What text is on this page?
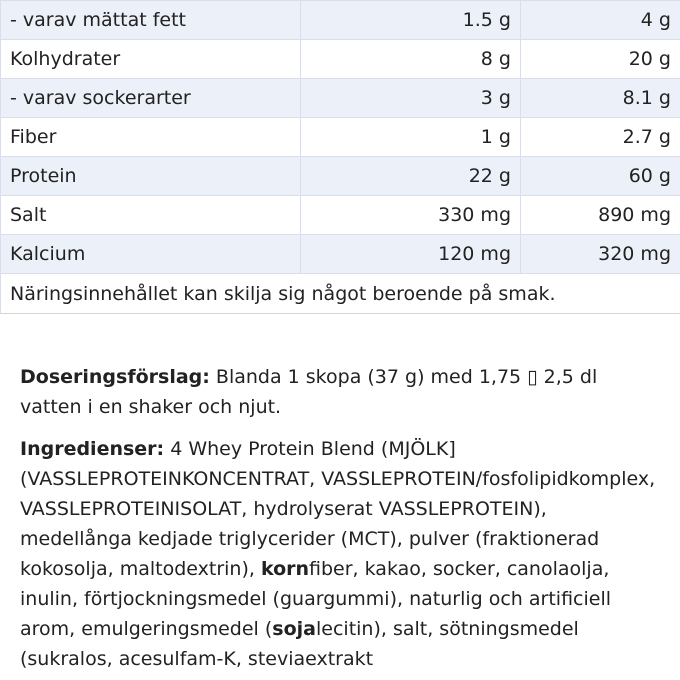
- varav mättat fett	1.5 g	4 g
Kolhydrater	8 g	20 g
- varav sockerarter	3 g	8.1 g
Fiber	1 g	2.7 g
Protein	22 g	60 g
Salt	330 mg	890 mg
Kalcium	120 mg	320 mg
Näringsinnehållet kan skilja sig något beroende på smak.		

Doseringsförslag: Blanda 1 skopa (37 g) med 1,75 ▯ 2,5 dl vatten i en shaker och njut.

Ingredienser: 4 Whey Protein Blend (MJÖLK] (VASSLEPROTEINKONCENTRAT, VASSLEPROTEIN/fosfolipidkomplex, VASSLEPROTEINISOLAT, hydrolyserat VASSLEPROTEIN), medellånga kedjade triglycerider (MCT), pulver (fraktionerad kokosolja, maltodextrin), kornfiber, kakao, socker, canolaolja, inulin, förtjockningsmedel (guargummi), naturlig och artificiell arom, emulgeringsmedel (sojalecitin), salt, sötningsmedel (sukralos, acesulfam-K, steviaextrakt
